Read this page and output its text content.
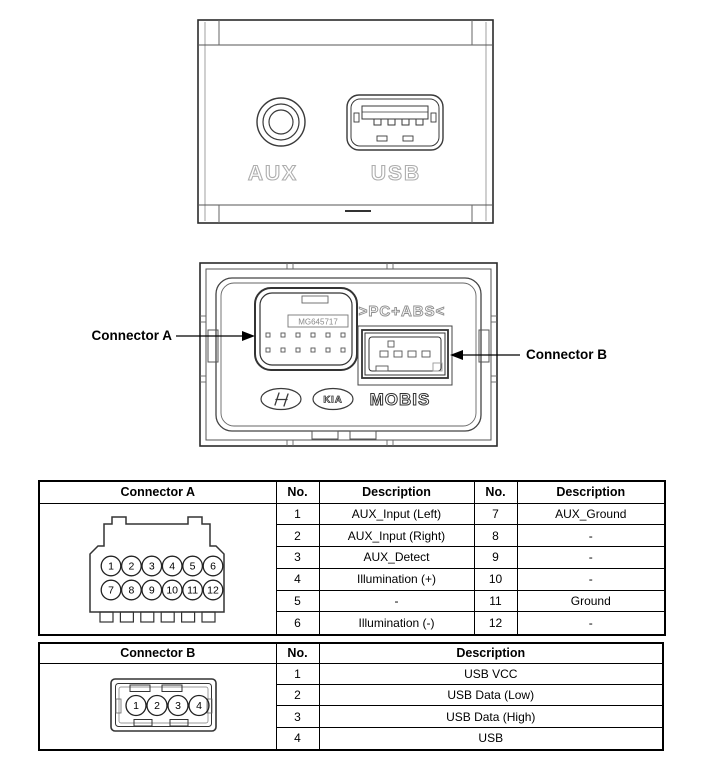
AUX	USB
MG645717
>PC+ABS<
KIA MOBIS
Connector A
Connector B
Connector A	No.	Description	No.	Description

1 2 3 4 5 6
7 8 9 10 11 12
	1	AUX_Input (Left)	7	AUX_Ground
	2	AUX_Input (Right)	8	-
	3	AUX_Detect	9	-
	4	Illumination (+)	10	-
	5	-	11	Ground
	6	Illumination (-)	12	-
Connector B	No.	Description

1 2 3 4	1	USB VCC
	2	USB Data (Low)
	3	USB Data (High)
	4	USB
